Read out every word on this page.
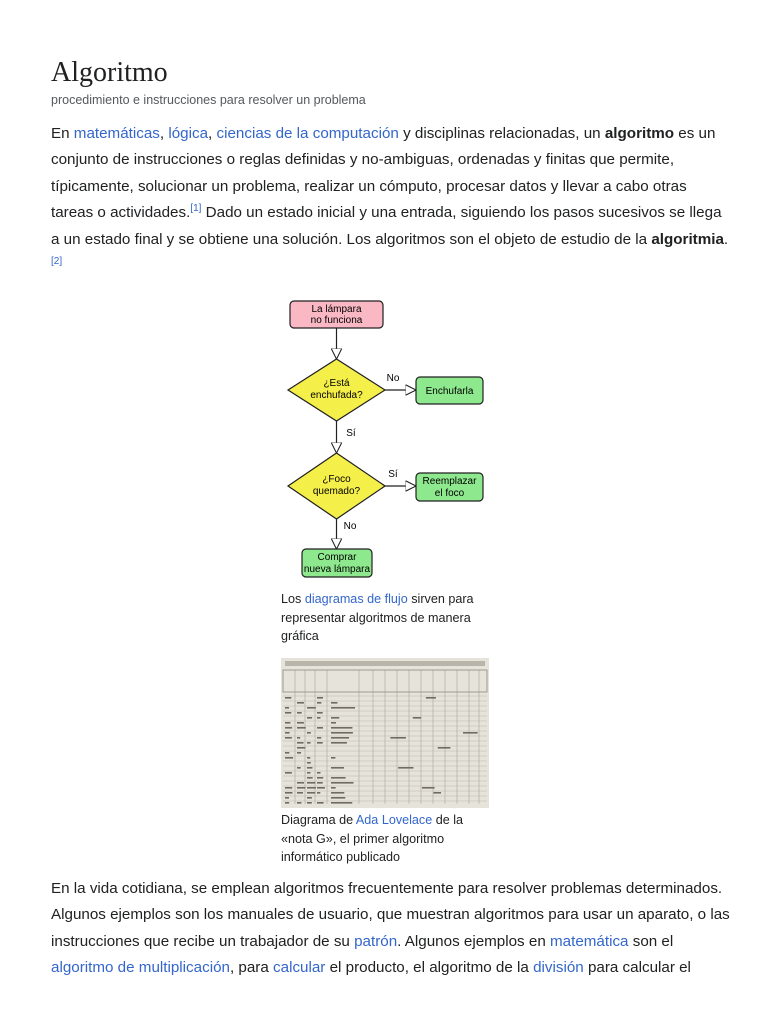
Algoritmo
procedimiento e instrucciones para resolver un problema

En matemáticas, lógica, ciencias de la computación y disciplinas relacionadas, un algoritmo es un conjunto de instrucciones o reglas definidas y no-ambiguas, ordenadas y finitas que permite, típicamente, solucionar un problema, realizar un cómputo, procesar datos y llevar a cabo otras tareas o actividades.[1] Dado un estado inicial y una entrada, siguiendo los pasos sucesivos se llega a un estado final y se obtiene una solución. Los algoritmos son el objeto de estudio de la algoritmia.[2]

La lámpara
no funciona
¿Está
enchufada?
No
Enchufarla
Sí
¿Foco
quemado?
Sí
Reemplazar
el foco
No
Comprar
nueva lámpara

Los diagramas de flujo sirven para representar algoritmos de manera gráfica

Diagrama de Ada Lovelace de la «nota G», el primer algoritmo informático publicado

En la vida cotidiana, se emplean algoritmos frecuentemente para resolver problemas determinados. Algunos ejemplos son los manuales de usuario, que muestran algoritmos para usar un aparato, o las instrucciones que recibe un trabajador de su patrón. Algunos ejemplos en matemática son el algoritmo de multiplicación, para calcular el producto, el algoritmo de la división para calcular el
